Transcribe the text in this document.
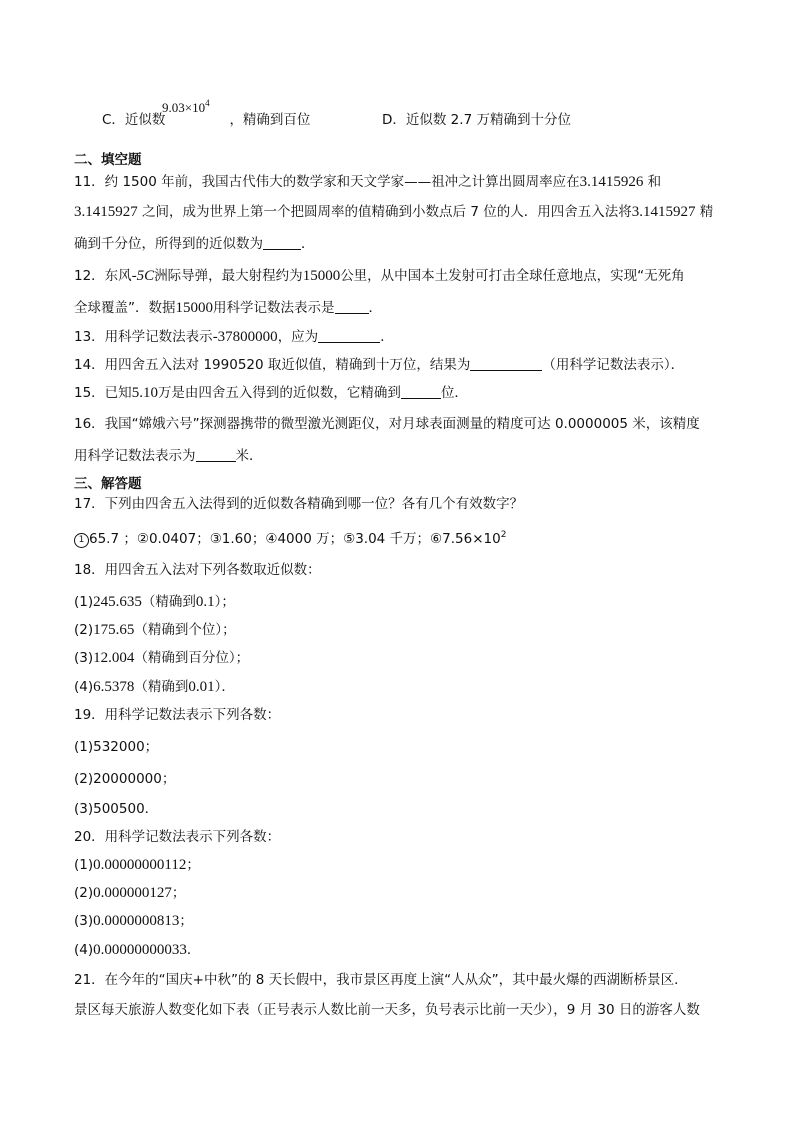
$9.03\times 10^4$
C．近似数	，精确到百位	D．近似数 2.7 万精确到十分位
二、填空题
11．约 1500 年前，我国古代伟大的数学家和天文学家——祖冲之计算出圆周率应在3.1415926 和
3.1415927 之间，成为世界上第一个把圆周率的值精确到小数点后 7 位的人．用四舍五入法将3.1415927 精
确到千分位，所得到的近似数为	．
12．东风-5C洲际导弹，最大射程约为15000公里，从中国本土发射可打击全球任意地点，实现“无死角
全球覆盖”．数据15000用科学记数法表示是	．
13．用科学记数法表示-37800000，应为	．
14．用四舍五入法对 1990520 取近似值，精确到十万位，结果为	（用科学记数法表示）．
15．已知5.10万是由四舍五入得到的近似数，它精确到	位．
16．我国“嫦娥六号”探测器携带的微型激光测距仪，对月球表面测量的精度可达 0.0000005 米，该精度
用科学记数法表示为	米．
三、解答题
17．下列由四舍五入法得到的近似数各精确到哪一位？各有几个有效数字？
1 65.7 ；②0.0407；③1.60；④4000 万；⑤3.04 千万；$⑥7.56\times 10^2$
18．用四舍五入法对下列各数取近似数：
(1)245.635（精确到0.1）；
(2)175.65（精确到个位）；
(3)12.004（精确到百分位）；
(4)6.5378（精确到0.01）．
19．用科学记数法表示下列各数：
(1)532000；
(2)20000000；
(3)500500．
20．用科学记数法表示下列各数：
(1)0.00000000112；
(2)0.000000127；
(3)0.0000000813；
(4)0.00000000033．
21．在今年的“国庆+中秋”的 8 天长假中，我市景区再度上演“人从众”，其中最火爆的西湖断桥景区．
景区每天旅游人数变化如下表（正号表示人数比前一天多，负号表示比前一天少），9 月 30 日的游客人数
